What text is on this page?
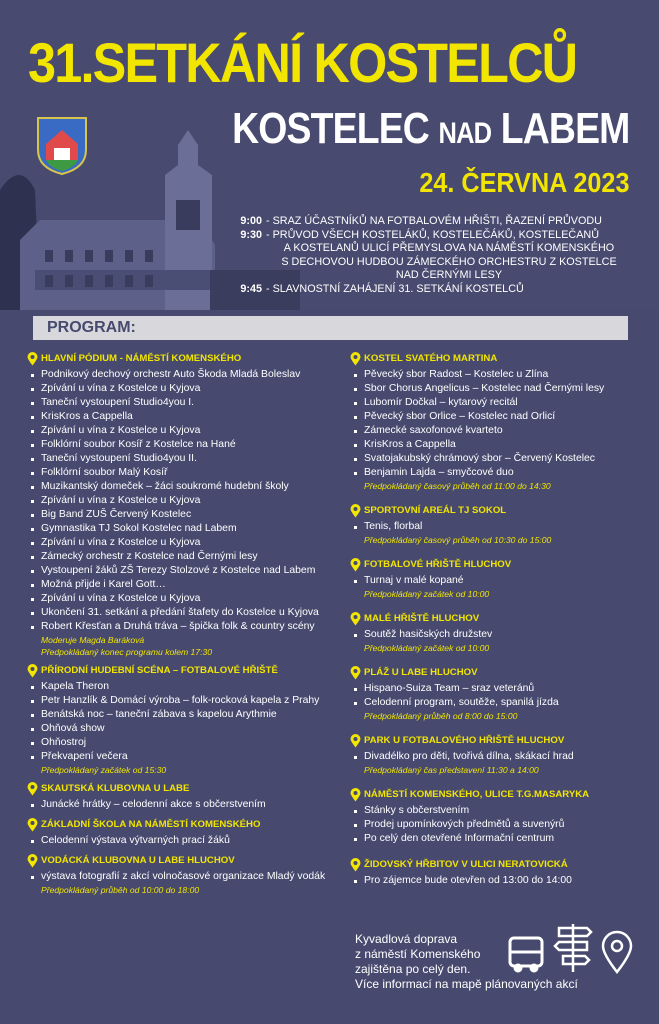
31.SETKÁNÍ KOSTELCŮ
KOSTELEC NAD LABEM
24. ČERVNA 2023
9:00 - SRAZ ÚČASTNÍKŮ NA FOTBALOVÉM HŘIŠTI, ŘAZENÍ PRŮVODU
9:30 - PRŮVOD VŠECH KOSTELÁKŮ, KOSTELEČÁKŮ, KOSTELEČANŮ
A KOSTELANŮ ULICÍ PŘEMYSLOVA NA NÁMĚSTÍ KOMENSKÉHO
S DECHOVOU HUDBOU ZÁMECKÉHO ORCHESTRU Z KOSTELCE
NAD ČERNÝMI LESY
9:45 - SLAVNOSTNÍ ZAHÁJENÍ 31. SETKÁNÍ KOSTELCŮ
PROGRAM:
HLAVNÍ PÓDIUM - NÁMĚSTÍ KOMENSKÉHO
Podnikový dechový orchestr Auto Škoda Mladá Boleslav
Zpívání u vína z Kostelce u Kyjova
Taneční vystoupení Studio4you I.
KrisKros a Cappella
Zpívání u vína z Kostelce u Kyjova
Folklórní soubor Kosíř z Kostelce na Hané
Taneční vystoupení Studio4you II.
Folklórní soubor Malý Kosíř
Muzikantský domeček – žáci soukromé hudební školy
Zpívání u vína z Kostelce u Kyjova
Big Band ZUŠ Červený Kostelec
Gymnastika TJ Sokol Kostelec nad Labem
Zpívání u vína z Kostelce u Kyjova
Zámecký orchestr z Kostelce nad Černými lesy
Vystoupení žáků ZŠ Terezy Stolzové z Kostelce nad Labem
Možná přijde i Karel Gott…
Zpívání u vína z Kostelce u Kyjova
Ukončení 31. setkání a předání štafety do Kostelce u Kyjova
Robert Křesťan a Druhá tráva – špička folk & country scény
Moderuje Magda Baráková
Předpokládaný konec programu kolem 17:30
PŘÍRODNÍ HUDEBNÍ SCÉNA – FOTBALOVÉ HŘIŠTĚ
Kapela Theron
Petr Hanzlík & Domácí výroba – folk-rocková kapela z Prahy
Benátská noc – taneční zábava s kapelou Arythmie
Ohňová show
Ohňostroj
Překvapení večera
Předpokládaný začátek od 15:30
SKAUTSKÁ KLUBOVNA U LABE
Junácké hrátky – celodenní akce s občerstvením
ZÁKLADNÍ ŠKOLA NA NÁMĚSTÍ KOMENSKÉHO
Celodenní výstava výtvarných prací žáků
VODÁCKÁ KLUBOVNA U LABE HLUCHOV
výstava fotografií z akcí volnočasové organizace Mladý vodák
Předpokládaný průběh od 10:00 do 18:00
KOSTEL SVATÉHO MARTINA
Pěvecký sbor Radost – Kostelec u Zlína
Sbor Chorus Angelicus – Kostelec nad Černými lesy
Lubomír Dočkal – kytarový recitál
Pěvecký sbor Orlice – Kostelec nad Orlicí
Zámecké saxofonové kvarteto
KrisKros a Cappella
Svatojakubský chrámový sbor – Červený Kostelec
Benjamin Lajda – smyčcové duo
Předpokládaný časový průběh od 11:00 do 14:30
SPORTOVNÍ AREÁL TJ SOKOL
Tenis, florbal
Předpokládaný časový průběh od 10:30 do 15:00
FOTBALOVÉ HŘIŠTĚ HLUCHOV
Turnaj v malé kopané
Předpokládaný začátek od 10:00
MALÉ HŘIŠTĚ HLUCHOV
Soutěž hasičských družstev
Předpokládaný začátek od 10:00
PLÁŽ U LABE HLUCHOV
Hispano-Suiza Team – sraz veteránů
Celodenní program, soutěže, spanilá jízda
Předpokládaný průběh od 8:00 do 15:00
PARK U FOTBALOVÉHO HŘIŠTĚ HLUCHOV
Divadélko pro děti, tvořivá dílna, skákací hrad
Předpokládaný čas představení 11:30 a 14:00
NÁMĚSTÍ KOMENSKÉHO, ULICE T.G.MASARYKA
Stánky s občerstvením
Prodej upomínkových předmětů a suvenýrů
Po celý den otevřené Informační centrum
ŽIDOVSKÝ HŘBITOV V ULICI NERATOVICKÁ
Pro zájemce bude otevřen od 13:00 do 14:00
Kyvadlová doprava
z náměstí Komenského
zajištěna po celý den.
Více informací na mapě plánovaných akcí
